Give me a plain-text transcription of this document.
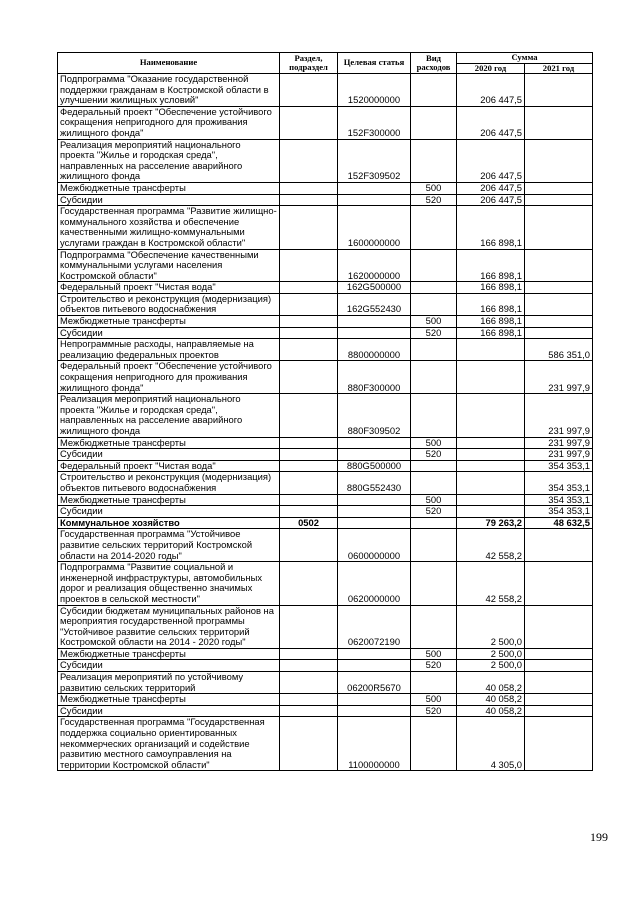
Наименование	Раздел, подраздел	Целевая статья	Вид расходов	Сумма	
				2020 год	2021 год
Подпрограмма "Оказание государственной поддержки гражданам в Костромской области в улучшении жилищных условий"		1520000000		206 447,5	
Федеральный проект "Обеспечение устойчивого сокращения непригодного для проживания жилищного фонда"		152F300000		206 447,5	
Реализация мероприятий национального проекта "Жилье и городская среда", направленных на расселение аварийного жилищного фонда		152F309502		206 447,5	
Межбюджетные трансферты			500	206 447,5	
Субсидии			520	206 447,5	
Государственная программа "Развитие жилищно-коммунального хозяйства и обеспечение качественными жилищно-коммунальными услугами граждан в Костромской области"		1600000000		166 898,1	
Подпрограмма "Обеспечение качественными коммунальными услугами населения Костромской области"		1620000000		166 898,1	
Федеральный проект "Чистая вода"		162G500000		166 898,1	
Строительство и реконструкция (модернизация) объектов питьевого водоснабжения		162G552430		166 898,1	
Межбюджетные трансферты			500	166 898,1	
Субсидии			520	166 898,1	
Непрограммные расходы, направляемые на реализацию федеральных проектов		8800000000			586 351,0
Федеральный проект "Обеспечение устойчивого сокращения непригодного для проживания жилищного фонда"		880F300000			231 997,9
Реализация мероприятий национального проекта "Жилье и городская среда", направленных на расселение аварийного жилищного фонда		880F309502			231 997,9
Межбюджетные трансферты			500		231 997,9
Субсидии			520		231 997,9
Федеральный проект "Чистая вода"		880G500000			354 353,1
Строительство и реконструкция (модернизация) объектов питьевого водоснабжения		880G552430			354 353,1
Межбюджетные трансферты			500		354 353,1
Субсидии			520		354 353,1
Коммунальное хозяйство	0502			79 263,2	48 632,5
Государственная программа "Устойчивое развитие сельских территорий Костромской области на 2014-2020 годы"		0600000000		42 558,2	
Подпрограмма "Развитие социальной и инженерной инфраструктуры, автомобильных дорог и реализация общественно значимых проектов в сельской местности"		0620000000		42 558,2	
Субсидии бюджетам муниципальных районов на мероприятия государственной программы "Устойчивое развитие сельских территорий Костромской области на 2014 - 2020 годы"		0620072190		2 500,0	
Межбюджетные трансферты			500	2 500,0	
Субсидии			520	2 500,0	
Реализация мероприятий по устойчивому развитию сельских территорий		06200R5670		40 058,2	
Межбюджетные трансферты			500	40 058,2	
Субсидии			520	40 058,2	
Государственная программа "Государственная поддержка социально ориентированных некоммерческих организаций и содействие развитию местного самоуправления на территории Костромской области"		1100000000		4 305,0	
199
